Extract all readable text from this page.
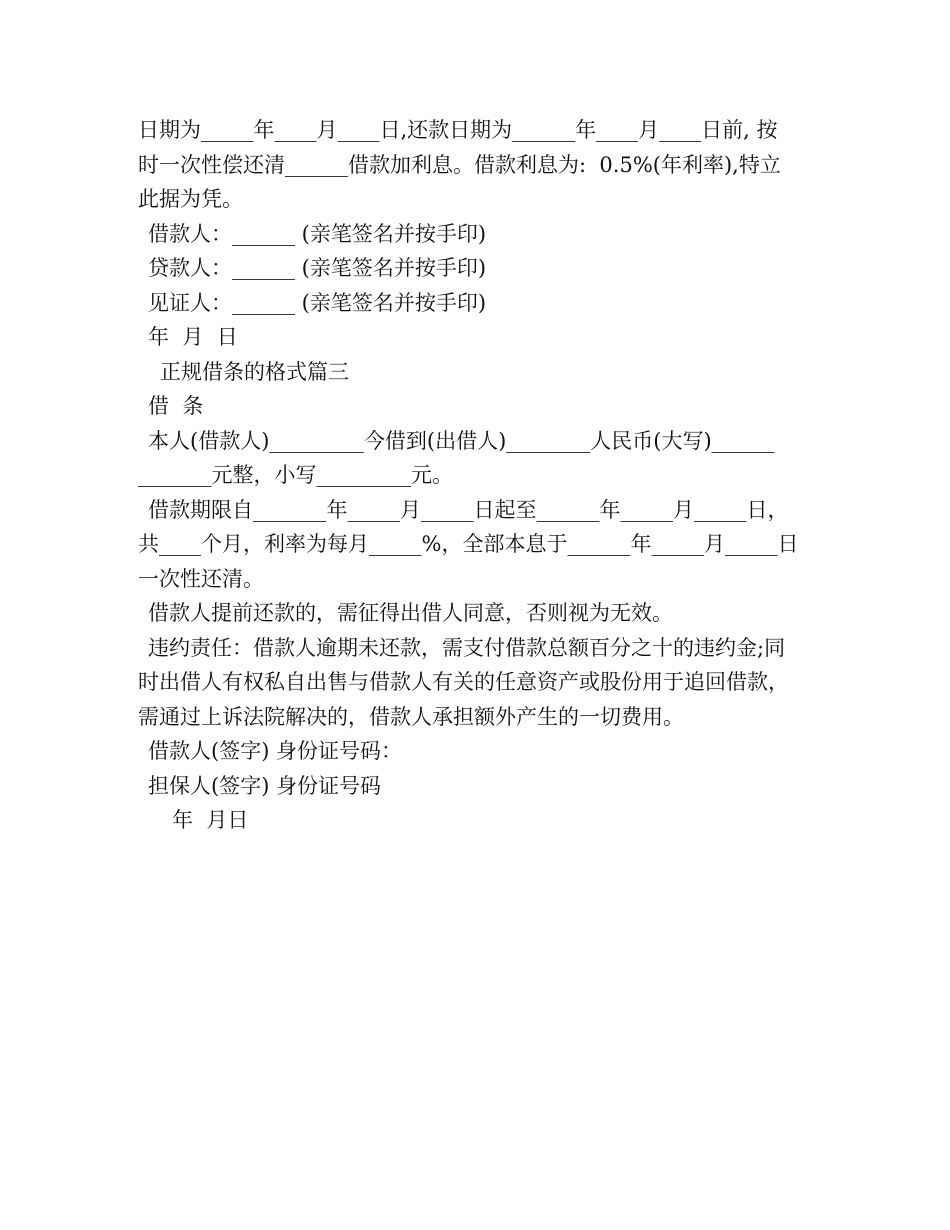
日期为_____年____月____日,还款日期为______年____月____日前, 按
时一次性偿还清______借款加利息。借款利息为:  0.5%(年利率),特立
此据为凭。
借款人：______ (亲笔签名并按手印)
贷款人：______ (亲笔签名并按手印)
见证人：______ (亲笔签名并按手印)
年  月  日
正规借条的格式篇三
借  条
本人(借款人)_________今借到(出借人)________人民币(大写)______
_______元整，小写_________元。
借款期限自_______年_____月_____日起至______年_____月_____日，
共____个月，利率为每月_____%，全部本息于______年_____月_____日
一次性还清。
借款人提前还款的，需征得出借人同意，否则视为无效。
违约责任：借款人逾期未还款，需支付借款总额百分之十的违约金;同
时出借人有权私自出售与借款人有关的任意资产或股份用于追回借款，
需通过上诉法院解决的，借款人承担额外产生的一切费用。
借款人(签字) 身份证号码：
担保人(签字) 身份证号码
年  月日
